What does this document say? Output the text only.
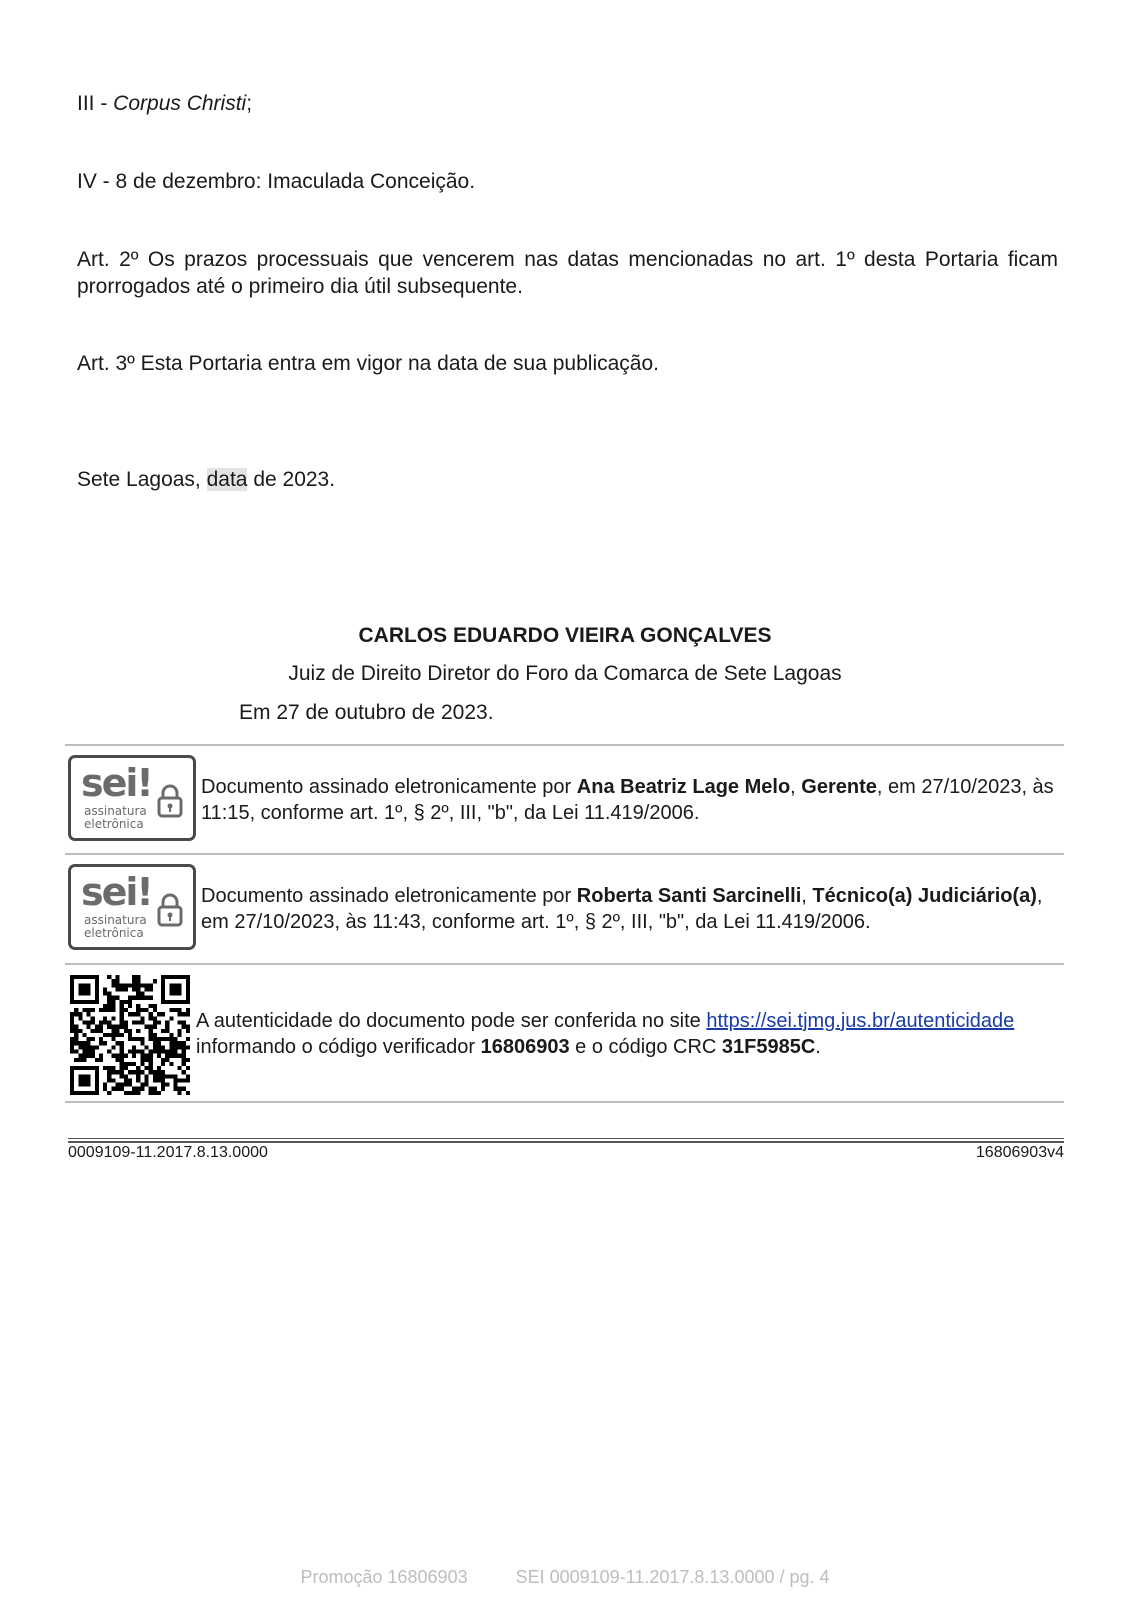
III - Corpus Christi;
IV - 8 de dezembro: Imaculada Conceição.
Art. 2º Os prazos processuais que vencerem nas datas mencionadas no art. 1º desta Portaria ficam prorrogados até o primeiro dia útil subsequente.
Art. 3º Esta Portaria entra em vigor na data de sua publicação.
Sete Lagoas, data de 2023.
CARLOS EDUARDO VIEIRA GONÇALVES
Juiz de Direito Diretor do Foro da Comarca de Sete Lagoas
Em 27 de outubro de 2023.
sei!
assinatura
eletrônica
Documento assinado eletronicamente por Ana Beatriz Lage Melo, Gerente, em 27/10/2023, às 11:15, conforme art. 1º, § 2º, III, "b", da Lei 11.419/2006.
sei!
assinatura
eletrônica
Documento assinado eletronicamente por Roberta Santi Sarcinelli, Técnico(a) Judiciário(a), em 27/10/2023, às 11:43, conforme art. 1º, § 2º, III, "b", da Lei 11.419/2006.
A autenticidade do documento pode ser conferida no site https://sei.tjmg.jus.br/autenticidade informando o código verificador 16806903 e o código CRC 31F5985C.
0009109-11.2017.8.13.0000	16806903v4
Promoção 16806903	SEI 0009109-11.2017.8.13.0000 / pg. 4
